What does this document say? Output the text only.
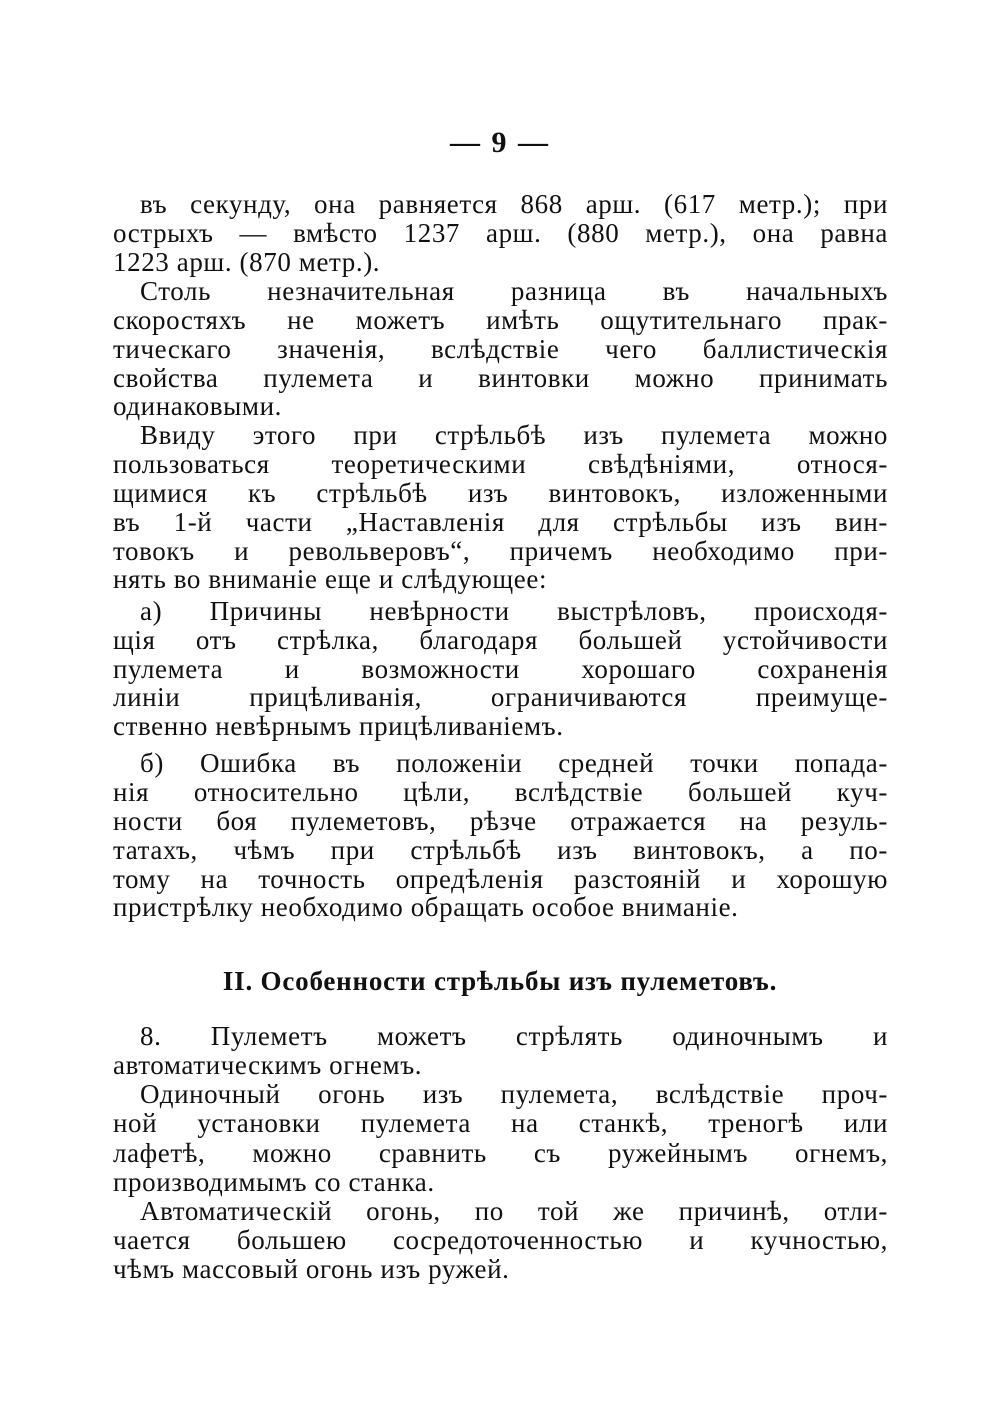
— 9 —
II. Особенности стрѣльбы изъ пулеметовъ.
въ секунду, она равняется 868 арш. (617 метр.); при
острыхъ — вмѣсто 1237 арш. (880 метр.), она равна
1223 арш. (870 метр.).
Столь незначительная разница въ начальныхъ
скоростяхъ не можетъ имѣть ощутительнаго прак-
тическаго значенія, вслѣдствіе чего баллистическія
свойства пулемета и винтовки можно принимать
одинаковыми.
Ввиду этого при стрѣльбѣ изъ пулемета можно
пользоваться теоретическими свѣдѣніями, относя-
щимися къ стрѣльбѣ изъ винтовокъ, изложенными
въ 1-й части „Наставленія для стрѣльбы изъ вин-
товокъ и револьверовъ“, причемъ необходимо при-
нять во вниманіе еще и слѣдующее:
а) Причины невѣрности выстрѣловъ, происходя-
щія отъ стрѣлка, благодаря большей устойчивости
пулемета и возможности хорошаго сохраненія
линіи прицѣливанія, ограничиваются преимуще-
ственно невѣрнымъ прицѣливаніемъ.
б) Ошибка въ положеніи средней точки попада-
нія относительно цѣли, вслѣдствіе большей куч-
ности боя пулеметовъ, рѣзче отражается на резуль-
татахъ, чѣмъ при стрѣльбѣ изъ винтовокъ, а по-
тому на точность опредѣленія разстояній и хорошую
пристрѣлку необходимо обращать особое вниманіе.
8. Пулеметъ можетъ стрѣлять одиночнымъ и
автоматическимъ огнемъ.
Одиночный огонь изъ пулемета, вслѣдствіе проч-
ной установки пулемета на станкѣ, треногѣ или
лафетѣ, можно сравнить съ ружейнымъ огнемъ,
производимымъ со станка.
Автоматическій огонь, по той же причинѣ, отли-
чается большею сосредоточенностью и кучностью,
чѣмъ массовый огонь изъ ружей.
